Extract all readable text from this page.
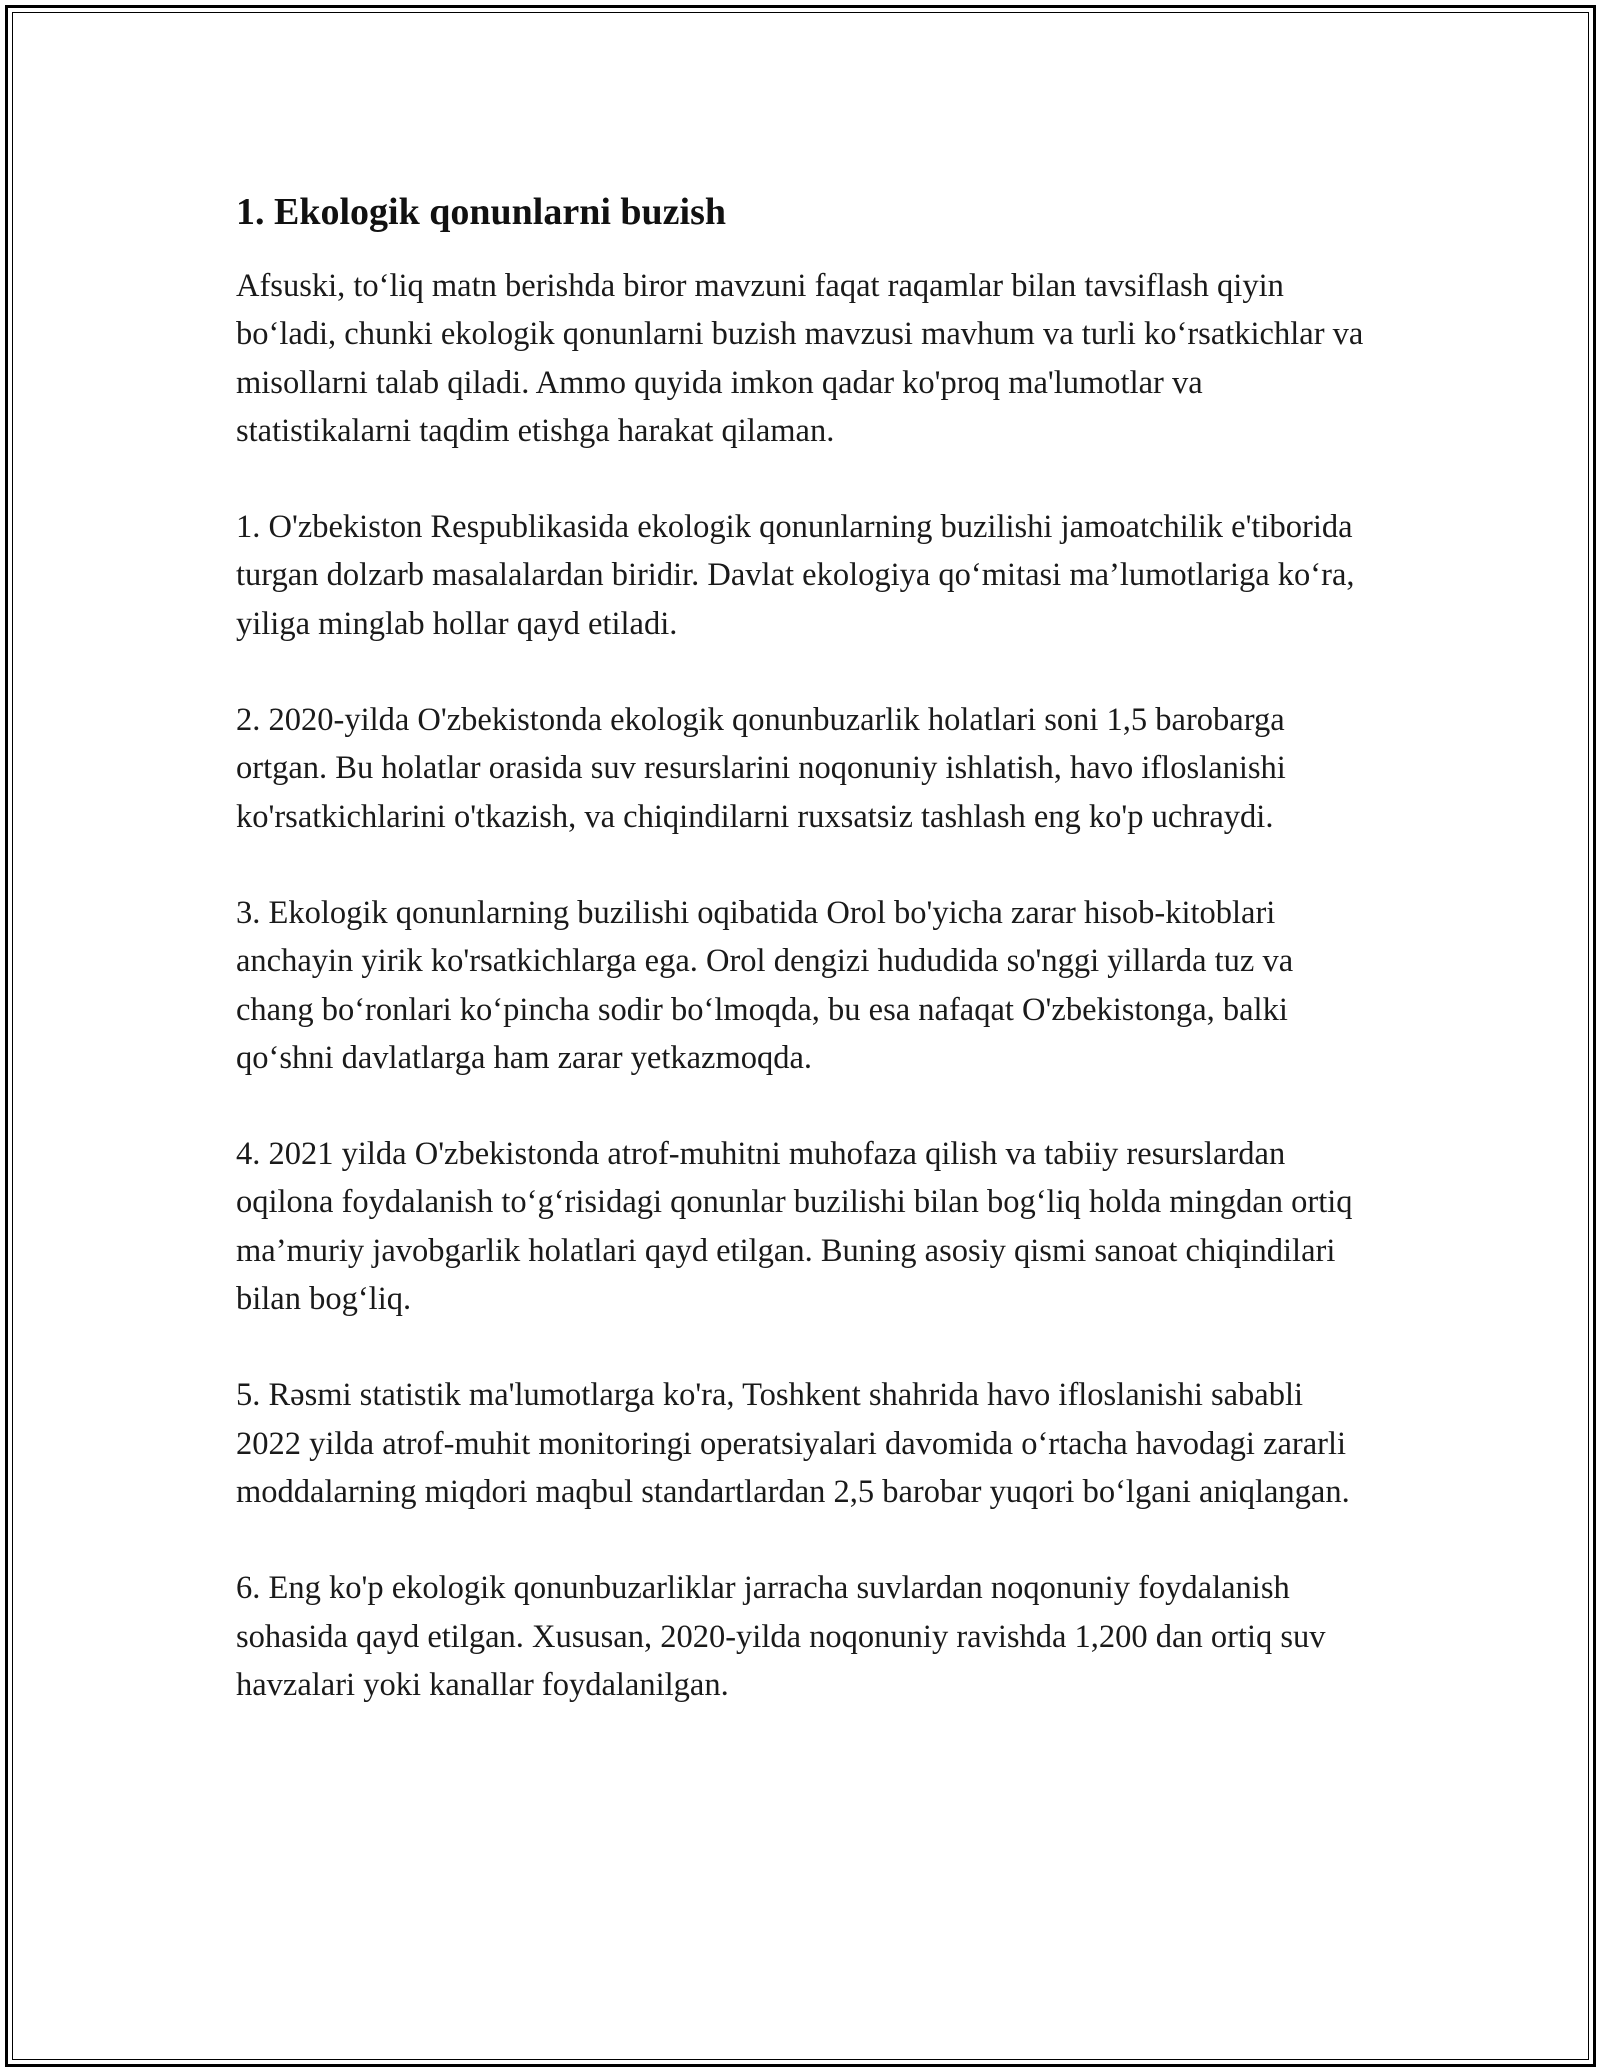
1. Ekologik qonunlarni buzish

Afsuski, to‘liq matn berishda biror mavzuni faqat raqamlar bilan tavsiflash qiyin bo‘ladi, chunki ekologik qonunlarni buzish mavzusi mavhum va turli ko‘rsatkichlar va misollarni talab qiladi. Ammo quyida imkon qadar ko'proq ma'lumotlar va statistikalarni taqdim etishga harakat qilaman.

1. O'zbekiston Respublikasida ekologik qonunlarning buzilishi jamoatchilik e'tiborida turgan dolzarb masalalardan biridir. Davlat ekologiya qo‘mitasi ma’lumotlariga ko‘ra, yiliga minglab hollar qayd etiladi.

2. 2020-yilda O'zbekistonda ekologik qonunbuzarlik holatlari soni 1,5 barobarga ortgan. Bu holatlar orasida suv resurslarini noqonuniy ishlatish, havo ifloslanishi ko'rsatkichlarini o'tkazish, va chiqindilarni ruxsatsiz tashlash eng ko'p uchraydi.

3. Ekologik qonunlarning buzilishi oqibatida Orol bo'yicha zarar hisob-kitoblari anchayin yirik ko'rsatkichlarga ega. Orol dengizi hududida so'nggi yillarda tuz va chang bo‘ronlari ko‘pincha sodir bo‘lmoqda, bu esa nafaqat O'zbekistonga, balki qo‘shni davlatlarga ham zarar yetkazmoqda.

4. 2021 yilda O'zbekistonda atrof-muhitni muhofaza qilish va tabiiy resurslardan oqilona foydalanish to‘g‘risidagi qonunlar buzilishi bilan bog‘liq holda mingdan ortiq ma’muriy javobgarlik holatlari qayd etilgan. Buning asosiy qismi sanoat chiqindilari bilan bog‘liq.

5. Rəsmi statistik ma'lumotlarga ko'ra, Toshkent shahrida havo ifloslanishi sababli 2022 yilda atrof-muhit monitoringi operatsiyalari davomida o‘rtacha havodagi zararli moddalarning miqdori maqbul standartlardan 2,5 barobar yuqori bo‘lgani aniqlangan.

6. Eng ko'p ekologik qonunbuzarliklar jarracha suvlardan noqonuniy foydalanish sohasida qayd etilgan. Xususan, 2020-yilda noqonuniy ravishda 1,200 dan ortiq suv havzalari yoki kanallar foydalanilgan.
